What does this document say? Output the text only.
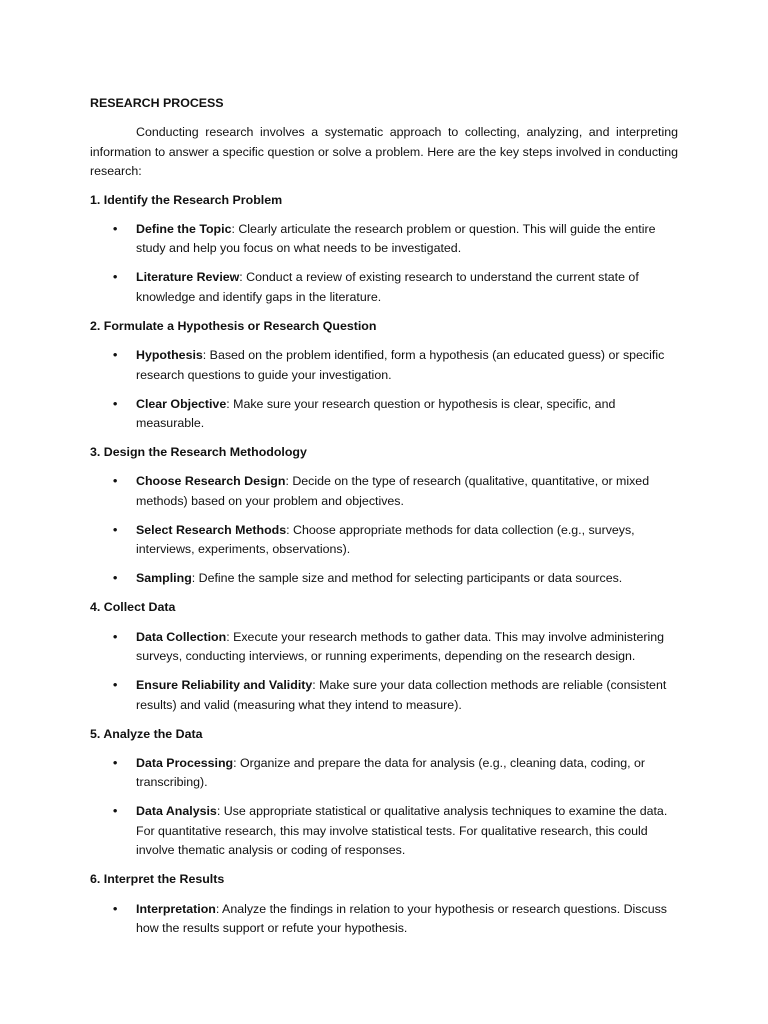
RESEARCH PROCESS

Conducting research involves a systematic approach to collecting, analyzing, and interpreting information to answer a specific question or solve a problem. Here are the key steps involved in conducting research:

1. Identify the Research Problem
• Define the Topic: Clearly articulate the research problem or question. This will guide the entire study and help you focus on what needs to be investigated.
• Literature Review: Conduct a review of existing research to understand the current state of knowledge and identify gaps in the literature.
2. Formulate a Hypothesis or Research Question
• Hypothesis: Based on the problem identified, form a hypothesis (an educated guess) or specific research questions to guide your investigation.
• Clear Objective: Make sure your research question or hypothesis is clear, specific, and measurable.
3. Design the Research Methodology
• Choose Research Design: Decide on the type of research (qualitative, quantitative, or mixed methods) based on your problem and objectives.
• Select Research Methods: Choose appropriate methods for data collection (e.g., surveys, interviews, experiments, observations).
• Sampling: Define the sample size and method for selecting participants or data sources.
4. Collect Data
• Data Collection: Execute your research methods to gather data. This may involve administering surveys, conducting interviews, or running experiments, depending on the research design.
• Ensure Reliability and Validity: Make sure your data collection methods are reliable (consistent results) and valid (measuring what they intend to measure).
5. Analyze the Data
• Data Processing: Organize and prepare the data for analysis (e.g., cleaning data, coding, or transcribing).
• Data Analysis: Use appropriate statistical or qualitative analysis techniques to examine the data. For quantitative research, this may involve statistical tests. For qualitative research, this could involve thematic analysis or coding of responses.
6. Interpret the Results
• Interpretation: Analyze the findings in relation to your hypothesis or research questions. Discuss how the results support or refute your hypothesis.
